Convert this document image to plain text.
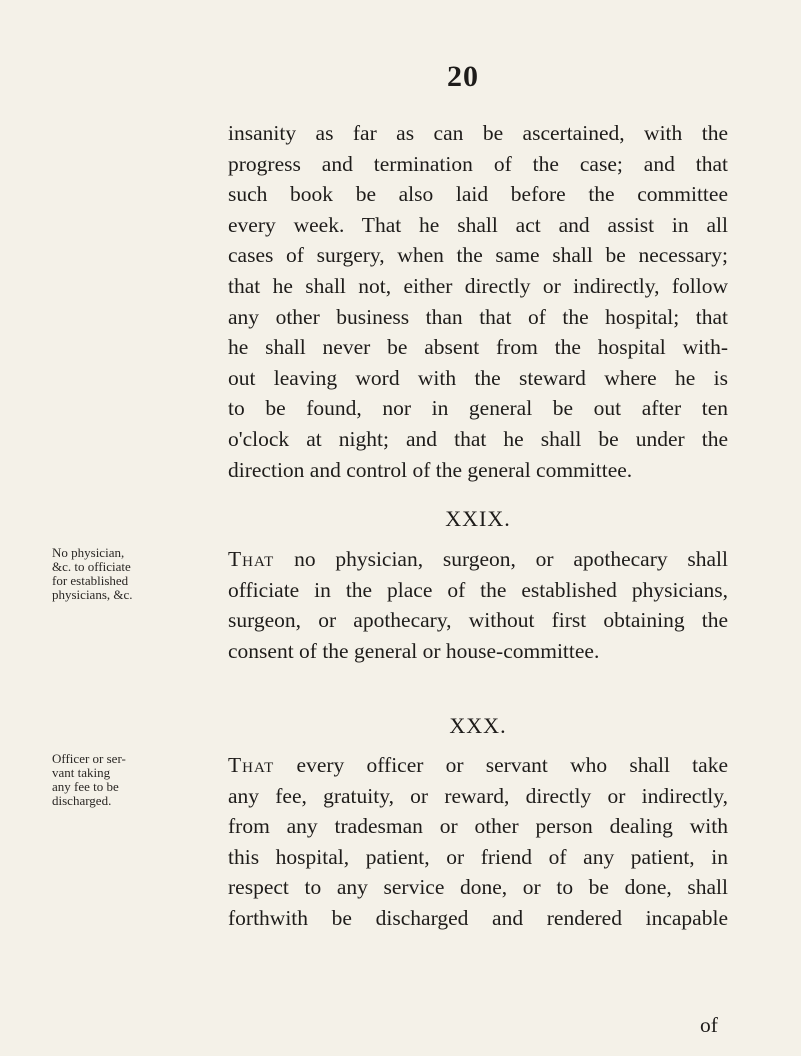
20
insanity as far as can be ascertained, with the
progress and termination of the case; and that
such book be also laid before the committee
every week. That he shall act and assist in all
cases of surgery, when the same shall be necessary;
that he shall not, either directly or indirectly, follow
any other business than that of the hospital; that
he shall never be absent from the hospital with-
out leaving word with the steward where he is
to be found, nor in general be out after ten
o'clock at night; and that he shall be under the
direction and control of the general committee.
XXIX.
No physician,
&c. to officiate
for established
physicians, &c.
That no physician, surgeon, or apothecary shall
officiate in the place of the established physicians,
surgeon, or apothecary, without first obtaining the
consent of the general or house-committee.
XXX.
Officer or ser-
vant taking
any fee to be
discharged.
That every officer or servant who shall take
any fee, gratuity, or reward, directly or indirectly,
from any tradesman or other person dealing with
this hospital, patient, or friend of any patient, in
respect to any service done, or to be done, shall
forthwith be discharged and rendered incapable
of
